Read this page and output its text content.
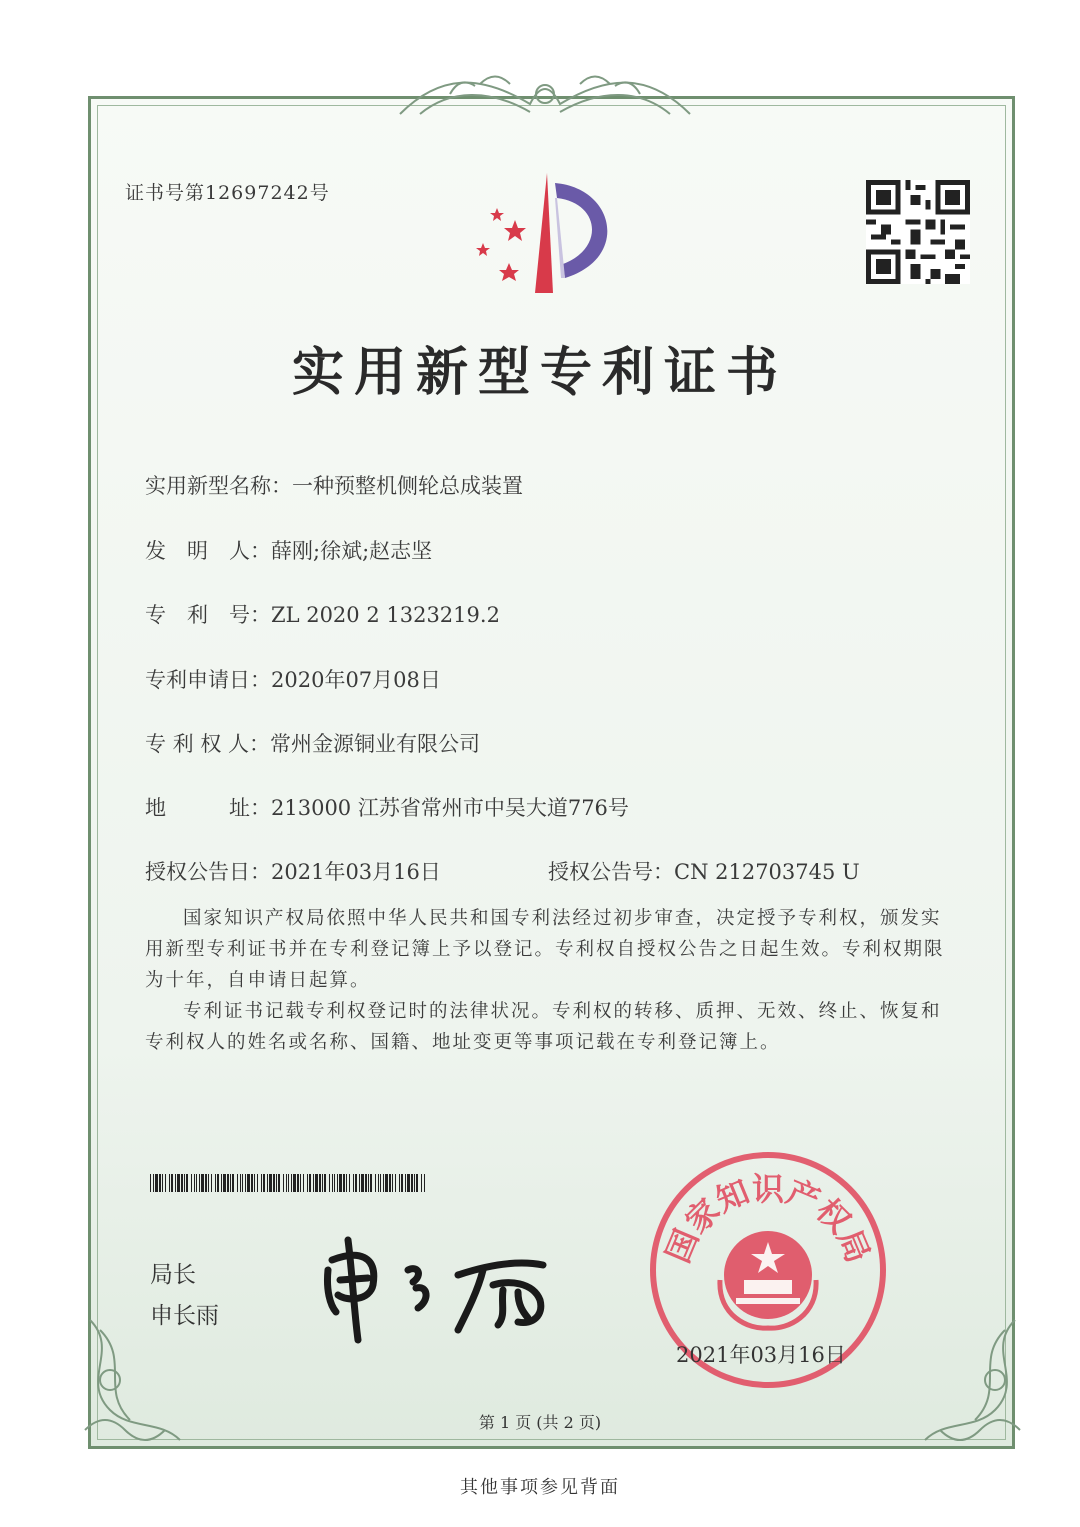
证书号第12697242号
实用新型专利证书
实用新型名称：一种预整机侧轮总成装置
发　明　人：薛刚;徐斌;赵志坚
专　利　号：ZL 2020 2 1323219.2
专利申请日：2020年07月08日
专 利 权 人：常州金源铜业有限公司
地　　　址：213000 江苏省常州市中吴大道776号
授权公告日：2021年03月16日	授权公告号：CN 212703745 U
国家知识产权局依照中华人民共和国专利法经过初步审查，决定授予专利权，颁发实用新型专利证书并在专利登记簿上予以登记。专利权自授权公告之日起生效。专利权期限为十年，自申请日起算。
专利证书记载专利权登记时的法律状况。专利权的转移、质押、无效、终止、恢复和专利权人的姓名或名称、国籍、地址变更等事项记载在专利登记簿上。
局长
申长雨
国家知识产权局
2021年03月16日
第 1 页 (共 2 页)
其他事项参见背面
